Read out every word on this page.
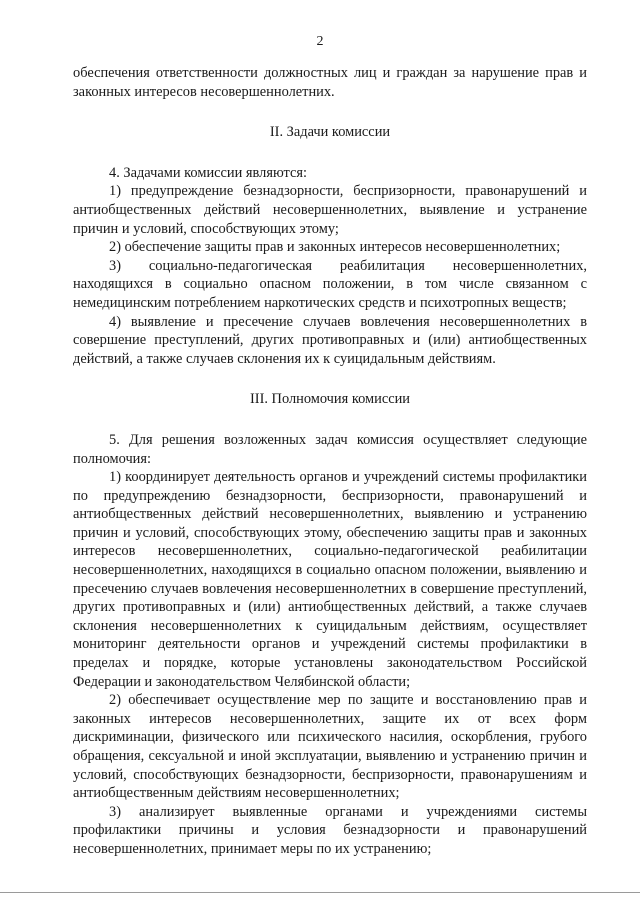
2

обеспечения ответственности должностных лиц и граждан за нарушение прав и законных интересов несовершеннолетних.

II. Задачи комиссии

4. Задачами комиссии являются:

1) предупреждение безнадзорности, беспризорности, правонарушений и антиобщественных действий несовершеннолетних, выявление и устранение причин и условий, способствующих этому;

2) обеспечение защиты прав и законных интересов несовершеннолетних;

3) социально-педагогическая реабилитация несовершеннолетних, находящихся в социально опасном положении, в том числе связанном с немедицинским потреблением наркотических средств и психотропных веществ;

4) выявление и пресечение случаев вовлечения несовершеннолетних в совершение преступлений, других противоправных и (или) антиобщественных действий, а также случаев склонения их к суицидальным действиям.

III. Полномочия комиссии

5. Для решения возложенных задач комиссия осуществляет следующие полномочия:

1) координирует деятельность органов и учреждений системы профилактики по предупреждению безнадзорности, беспризорности, правонарушений и антиобщественных действий несовершеннолетних, выявлению и устранению причин и условий, способствующих этому, обеспечению защиты прав и законных интересов несовершеннолетних, социально-педагогической реабилитации несовершеннолетних, находящихся в социально опасном положении, выявлению и пресечению случаев вовлечения несовершеннолетних в совершение преступлений, других противоправных и (или) антиобщественных действий, а также случаев склонения несовершеннолетних к суицидальным действиям, осуществляет мониторинг деятельности органов и учреждений системы профилактики в пределах и порядке, которые установлены законодательством Российской Федерации и законодательством Челябинской области;

2) обеспечивает осуществление мер по защите и восстановлению прав и законных интересов несовершеннолетних, защите их от всех форм дискриминации, физического или психического насилия, оскорбления, грубого обращения, сексуальной и иной эксплуатации, выявлению и устранению причин и условий, способствующих безнадзорности, беспризорности, правонарушениям и антиобщественным действиям несовершеннолетних;

3) анализирует выявленные органами и учреждениями системы профилактики причины и условия безнадзорности и правонарушений несовершеннолетних, принимает меры по их устранению;
